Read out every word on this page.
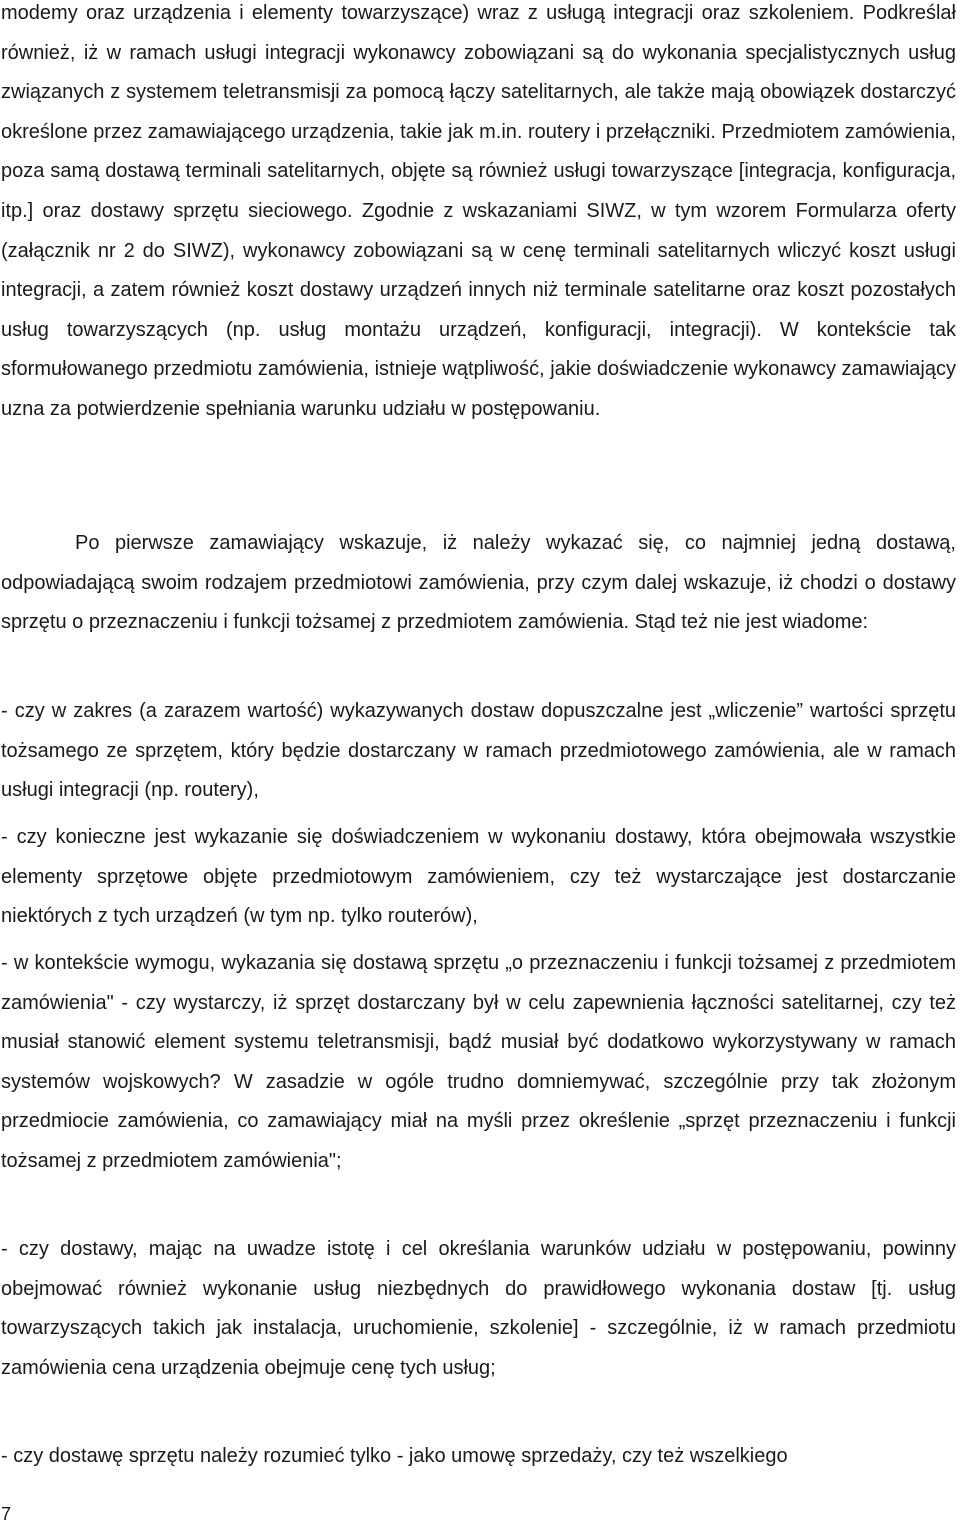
modemy oraz urządzenia i elementy towarzyszące) wraz z usługą integracji oraz szkoleniem. Podkreślał również, iż w ramach usługi integracji wykonawcy zobowiązani są do wykonania specjalistycznych usług związanych z systemem teletransmisji za pomocą łączy satelitarnych, ale także mają obowiązek dostarczyć określone przez zamawiającego urządzenia, takie jak m.in. routery i przełączniki. Przedmiotem zamówienia, poza samą dostawą terminali satelitarnych, objęte są również usługi towarzyszące [integracja, konfiguracja, itp.] oraz dostawy sprzętu sieciowego. Zgodnie z wskazaniami SIWZ, w tym wzorem Formularza oferty (załącznik nr 2 do SIWZ), wykonawcy zobowiązani są w cenę terminali satelitarnych wliczyć koszt usługi integracji, a zatem również koszt dostawy urządzeń innych niż terminale satelitarne oraz koszt pozostałych usług towarzyszących (np. usług montażu urządzeń, konfiguracji, integracji). W kontekście tak sformułowanego przedmiotu zamówienia, istnieje wątpliwość, jakie doświadczenie wykonawcy zamawiający uzna za potwierdzenie spełniania warunku udziału w postępowaniu.

Po pierwsze zamawiający wskazuje, iż należy wykazać się, co najmniej jedną dostawą, odpowiadającą swoim rodzajem przedmiotowi zamówienia, przy czym dalej wskazuje, iż chodzi o dostawy sprzętu o przeznaczeniu i funkcji tożsamej z przedmiotem zamówienia. Stąd też nie jest wiadome:

- czy w zakres (a zarazem wartość) wykazywanych dostaw dopuszczalne jest „wliczenie” wartości sprzętu tożsamego ze sprzętem, który będzie dostarczany w ramach przedmiotowego zamówienia, ale w ramach usługi integracji (np. routery),

- czy konieczne jest wykazanie się doświadczeniem w wykonaniu dostawy, która obejmowała wszystkie elementy sprzętowe objęte przedmiotowym zamówieniem, czy też wystarczające jest dostarczanie niektórych z tych urządzeń (w tym np. tylko routerów),

- w kontekście wymogu, wykazania się dostawą sprzętu „o przeznaczeniu i funkcji tożsamej z przedmiotem zamówienia" - czy wystarczy, iż sprzęt dostarczany był w celu zapewnienia łączności satelitarnej, czy też musiał stanowić element systemu teletransmisji, bądź musiał być dodatkowo wykorzystywany w ramach systemów wojskowych? W zasadzie w ogóle trudno domniemywać, szczególnie przy tak złożonym przedmiocie zamówienia, co zamawiający miał na myśli przez określenie „sprzęt przeznaczeniu i funkcji tożsamej z przedmiotem zamówienia";

- czy dostawy, mając na uwadze istotę i cel określania warunków udziału w postępowaniu, powinny obejmować również wykonanie usług niezbędnych do prawidłowego wykonania dostaw [tj. usług towarzyszących takich jak instalacja, uruchomienie, szkolenie] - szczególnie, iż w ramach przedmiotu zamówienia cena urządzenia obejmuje cenę tych usług;

- czy dostawę sprzętu należy rozumieć tylko - jako umowę sprzedaży, czy też wszelkiego

7
